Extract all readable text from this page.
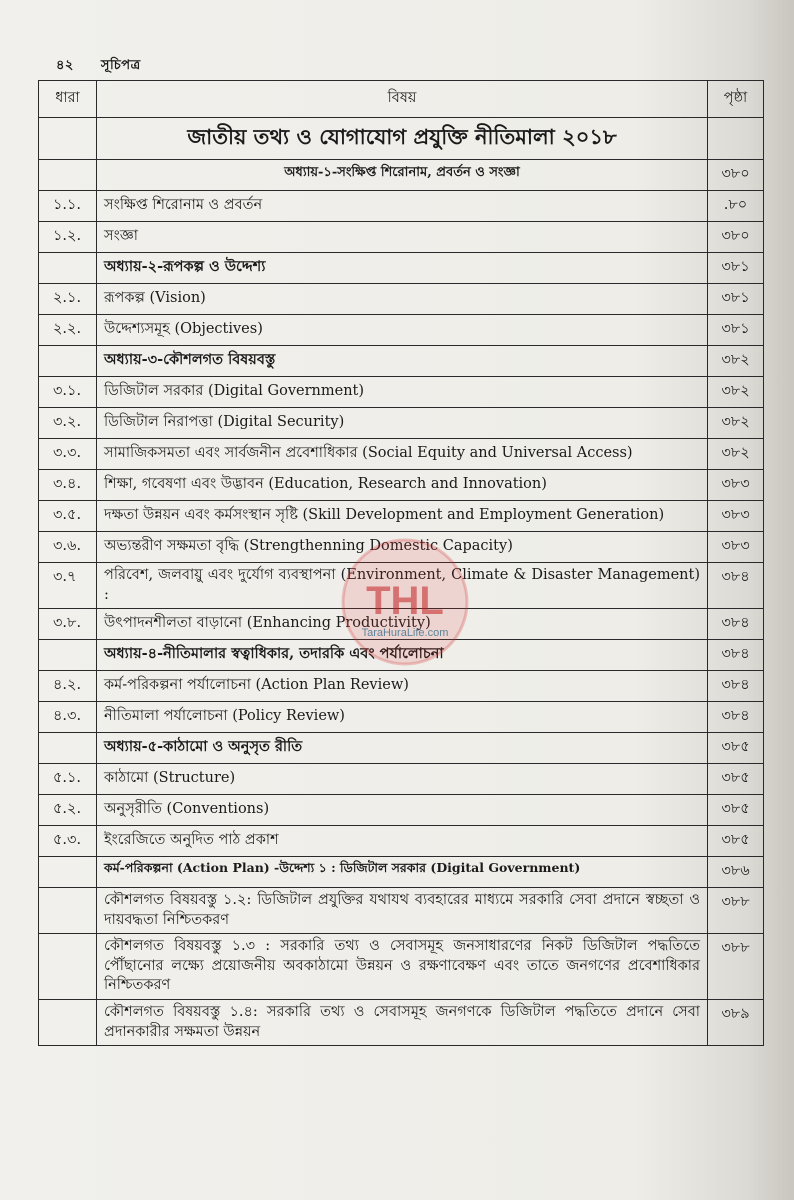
৪২ সূচিপত্র
ধারা	বিষয়	পৃষ্ঠা
	জাতীয় তথ্য ও যোগাযোগ প্রযুক্তি নীতিমালা ২০১৮	
	অধ্যায়-১-সংক্ষিপ্ত শিরোনাম, প্রবর্তন ও সংজ্ঞা	৩৮০
১.১.	সংক্ষিপ্ত শিরোনাম ও প্রবর্তন	.৮০
১.২.	সংজ্ঞা	৩৮০
	অধ্যায়-২-রূপকল্প ও উদ্দেশ্য	৩৮১
২.১.	রূপকল্প (Vision)	৩৮১
২.২.	উদ্দেশ্যসমূহ (Objectives)	৩৮১
	অধ্যায়-৩-কৌশলগত বিষয়বস্তু	৩৮২
৩.১.	ডিজিটাল সরকার (Digital Government)	৩৮২
৩.২.	ডিজিটাল নিরাপত্তা (Digital Security)	৩৮২
৩.৩.	সামাজিকসমতা এবং সার্বজনীন প্রবেশাধিকার (Social Equity and Universal Access)	৩৮২
৩.৪.	শিক্ষা, গবেষণা এবং উদ্ভাবন (Education, Research and Innovation)	৩৮৩
৩.৫.	দক্ষতা উন্নয়ন এবং কর্মসংস্থান সৃষ্টি (Skill Development and Employment Generation)	৩৮৩
৩.৬.	অভ্যন্তরীণ সক্ষমতা বৃদ্ধি (Strengthenning Domestic Capacity)	৩৮৩
৩.৭	পরিবেশ, জলবায়ু এবং দুর্যোগ ব্যবস্থাপনা (Environment, Climate & Disaster Management) :	৩৮৪
৩.৮.	উৎপাদনশীলতা বাড়ানো (Enhancing Productivity)	৩৮৪
	অধ্যায়-৪-নীতিমালার স্বত্বাধিকার, তদারকি এবং পর্যালোচনা	৩৮৪
৪.২.	কর্ম-পরিকল্পনা পর্যালোচনা (Action Plan Review)	৩৮৪
৪.৩.	নীতিমালা পর্যালোচনা (Policy Review)	৩৮৪
	অধ্যায়-৫-কাঠামো ও অনুসৃত রীতি	৩৮৫
৫.১.	কাঠামো (Structure)	৩৮৫
৫.২.	অনুসৃরীতি (Conventions)	৩৮৫
৫.৩.	ইংরেজিতে অনুদিত পাঠ প্রকাশ	৩৮৫
	কর্ম-পরিকল্পনা (Action Plan) -উদ্দেশ্য ১ : ডিজিটাল সরকার (Digital Government)	৩৮৬
	কৌশলগত বিষয়বস্তু ১.২: ডিজিটাল প্রযুক্তির যথাযথ ব্যবহারের মাধ্যমে সরকারি সেবা প্রদানে স্বচ্ছতা ও দায়বদ্ধতা নিশ্চিতকরণ	৩৮৮
	কৌশলগত বিষয়বস্তু ১.৩ : সরকারি তথ্য ও সেবাসমূহ জনসাধারণের নিকট ডিজিটাল পদ্ধতিতে পৌঁছানোর লক্ষ্যে প্রয়োজনীয় অবকাঠামো উন্নয়ন ও রক্ষণাবেক্ষণ এবং তাতে জনগণের প্রবেশাধিকার নিশ্চিতকরণ	৩৮৮
	কৌশলগত বিষয়বস্তু ১.৪: সরকারি তথ্য ও সেবাসমূহ জনগণকে ডিজিটাল পদ্ধতিতে প্রদানে সেবা প্রদানকারীর সক্ষমতা উন্নয়ন	৩৮৯
THL
TaraHuraLife.com
